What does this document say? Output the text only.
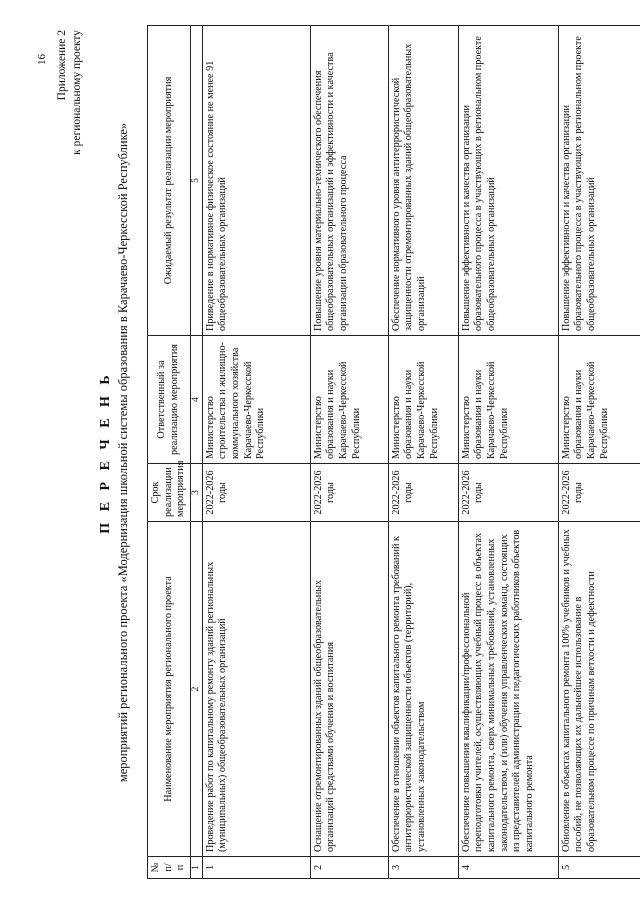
16 Приложение 2 к региональному проекту
П Е Р Е Ч Е Н Ь мероприятий регионального проекта «Модернизация школьной системы образования в Карачаево-Черкесской Республике»
№ п/п	Наименование мероприятия регионального проекта	Срок реализации мероприятия	Ответственный за реализацию мероприятия	Ожидаемый результат реализации мероприятия
1	2	3	4	5
1	Проведение работ по капитальному ремонту зданий региональных (муниципальных) общеобразовательных организаций	2022-2026 годы	Министерство строительства и жилищно-коммунального хозяйства Карачаево-Черкесской Республики	Приведение в нормативное физическое состояние не менее 91 общеобразовательных организаций
2	Оснащение отремонтированных зданий общеобразовательных организаций средствами обучения и воспитания	2022-2026 годы	Министерство образования и науки Карачаево-Черкесской Республики	Повышение уровня материально-технического обеспечения общеобразовательных организаций и эффективности и качества организации образовательного процесса
3	Обеспечение в отношении объектов капитального ремонта требований к антитеррористической защищенности объектов (территорий), установленных законодательством	2022-2026 годы	Министерство образования и науки Карачаево-Черкесской Республики	Обеспечение нормативного уровня антитеррористической защищенности отремонтированных зданий общеобразовательных организаций
4	Обеспечение повышения квалификации/профессиональной переподготовки учителей, осуществляющих учебный процесс в объектах капитального ремонта, сверх минимальных требований, установленных законодательством, и (или) обучения управленческих команд, состоящих из представителей администрации и педагогических работников объектов капитального ремонта	2022-2026 годы	Министерство образования и науки Карачаево-Черкесской Республики	Повышение эффективности и качества организации образовательного процесса в участвующих в региональном проекте общеобразовательных организаций
5	Обновление в объектах капитального ремонта 100% учебников и учебных пособий, не позволяющих их дальнейшее использование в образовательном процессе по причинам ветхости и дефектности	2022-2026 годы	Министерство образования и науки Карачаево-Черкесской Республики	Повышение эффективности и качества организации образовательного процесса в участвующих в региональном проекте общеобразовательных организаций
